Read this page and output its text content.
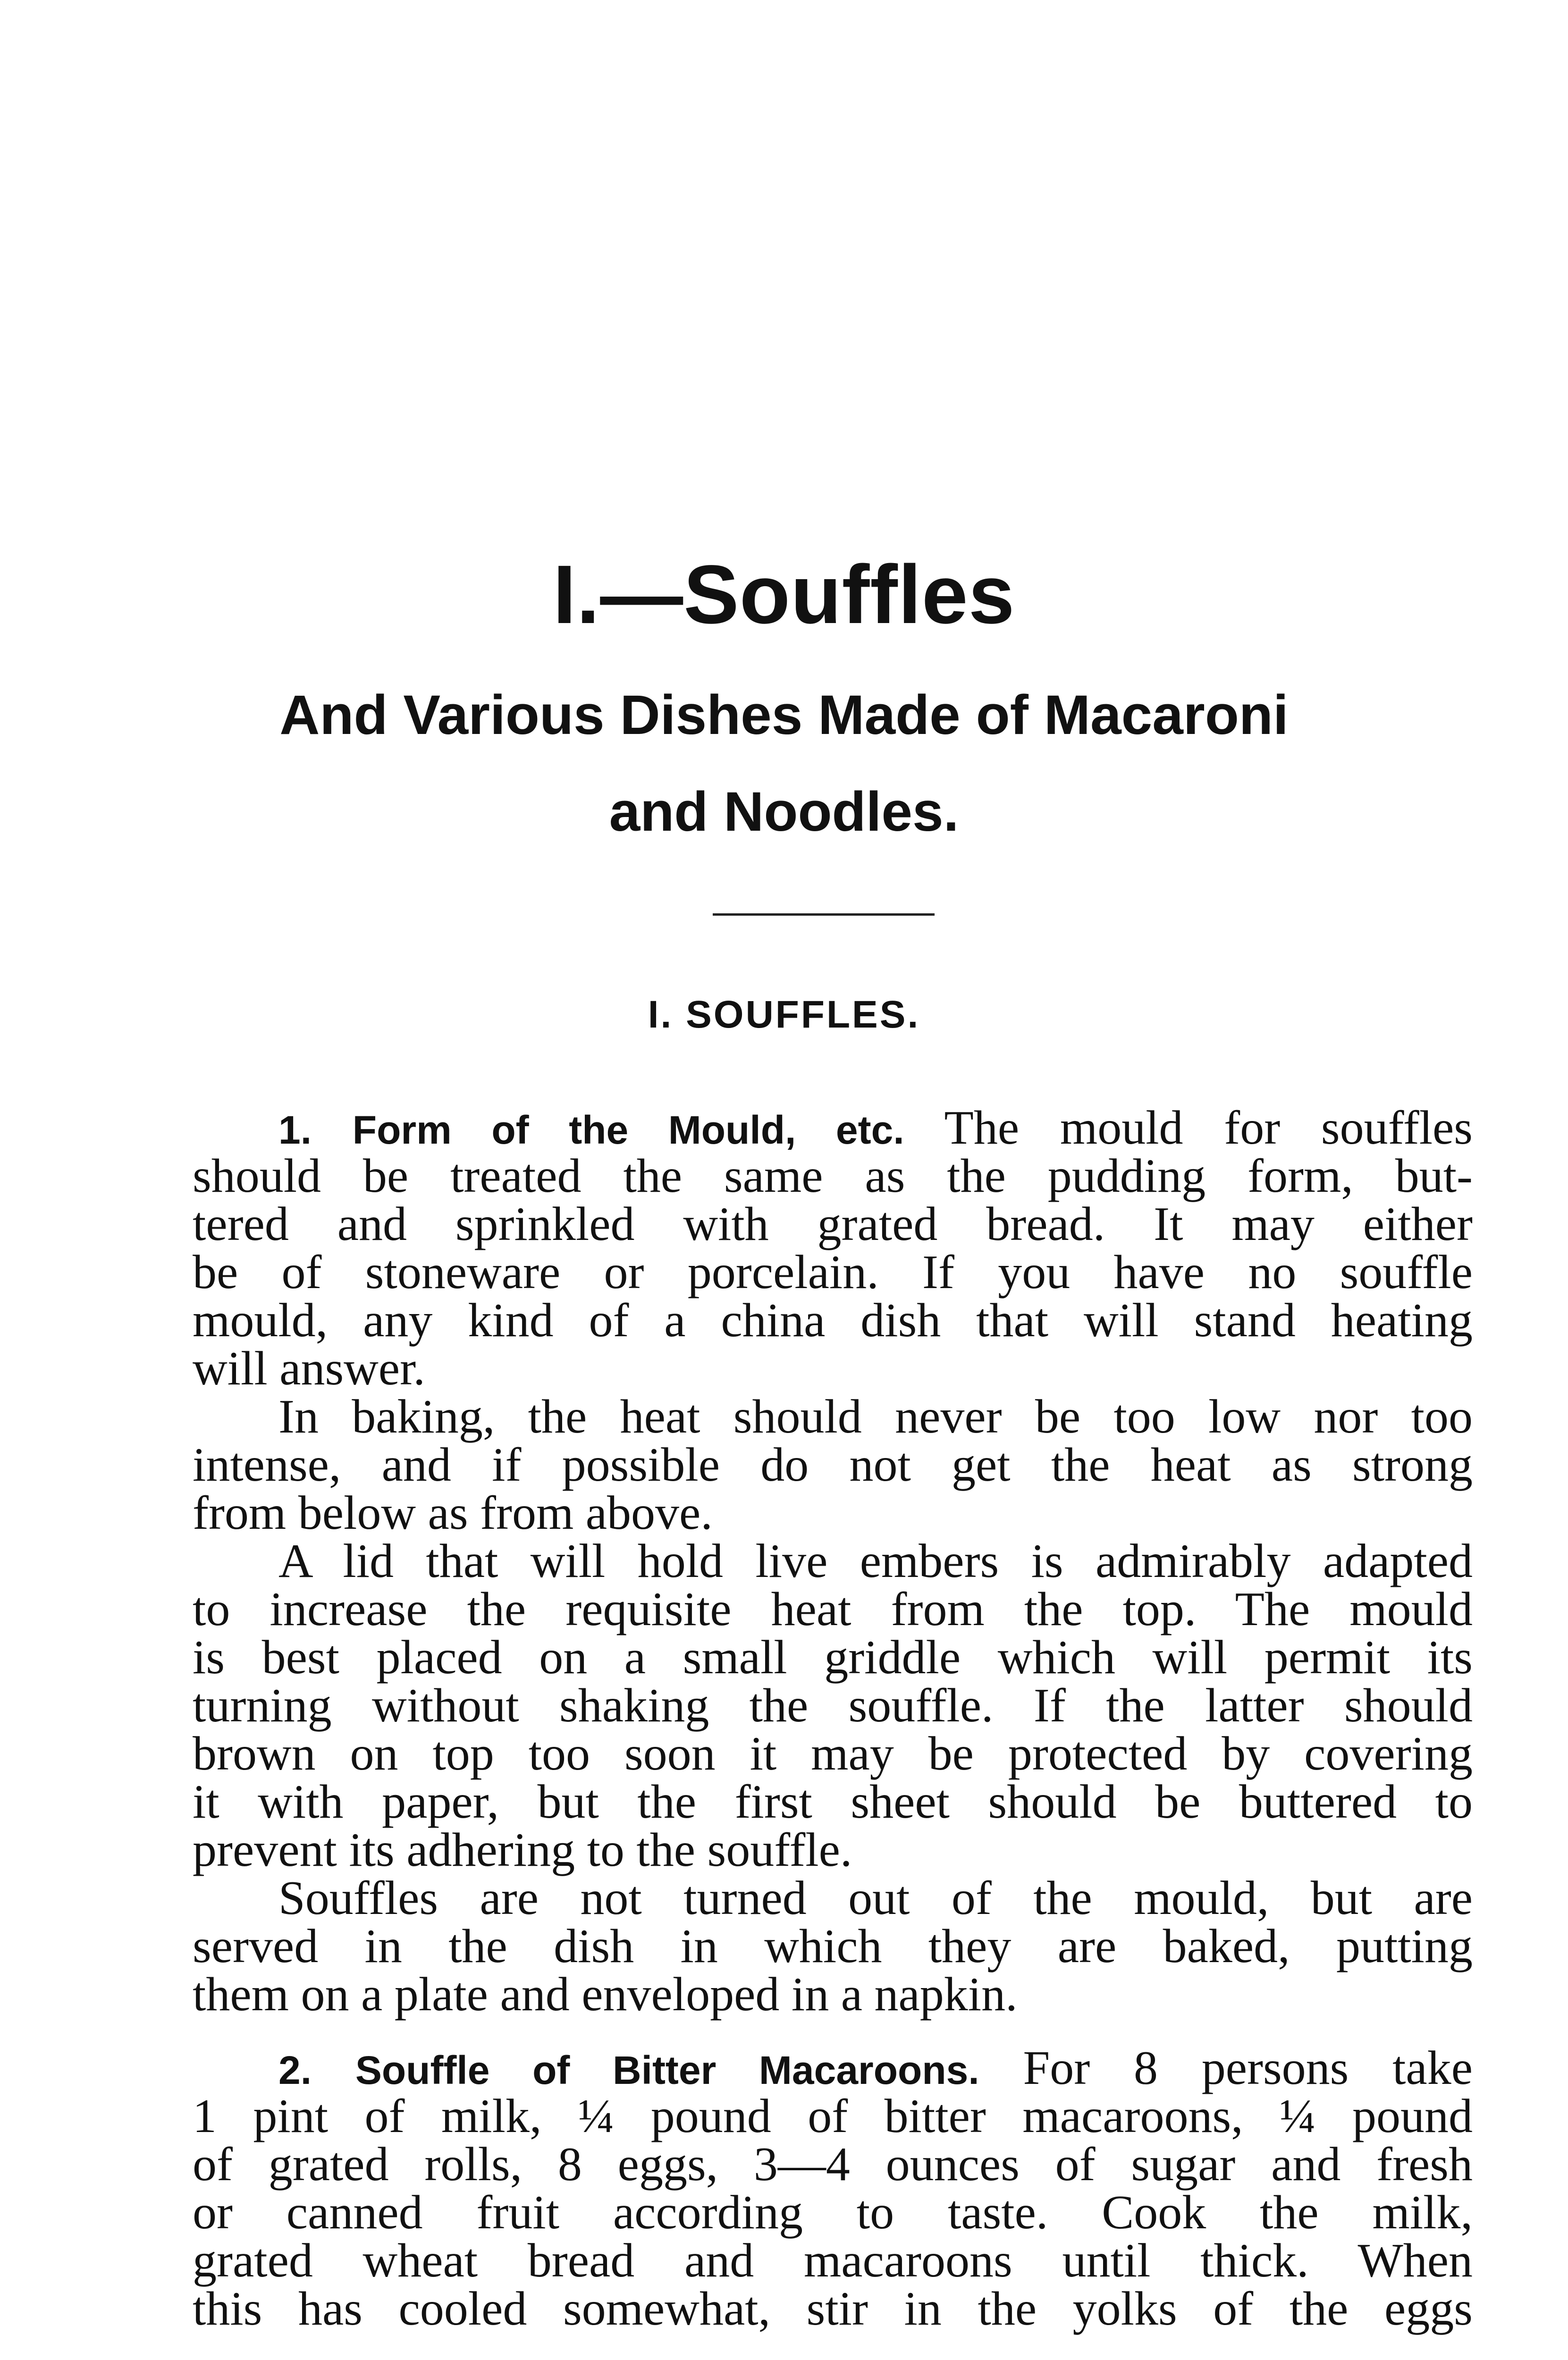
I.—Souffles
And Various Dishes Made of Macaroni
and Noodles.
I. SOUFFLES.
1. Form of the Mould, etc. The mould for souffles
should be treated the same as the pudding form, but-
tered and sprinkled with grated bread. It may either
be of stoneware or porcelain. If you have no souffle
mould, any kind of a china dish that will stand heating
will answer.
In baking, the heat should never be too low nor too
intense, and if possible do not get the heat as strong
from below as from above.
A lid that will hold live embers is admirably adapted
to increase the requisite heat from the top. The mould
is best placed on a small griddle which will permit its
turning without shaking the souffle. If the latter should
brown on top too soon it may be protected by covering
it with paper, but the first sheet should be buttered to
prevent its adhering to the souffle.
Souffles are not turned out of the mould, but are
served in the dish in which they are baked, putting
them on a plate and enveloped in a napkin.
2. Souffle of Bitter Macaroons. For 8 persons take
1 pint of milk, ¼ pound of bitter macaroons, ¼ pound
of grated rolls, 8 eggs, 3—4 ounces of sugar and fresh
or canned fruit according to taste. Cook the milk,
grated wheat bread and macaroons until thick. When
this has cooled somewhat, stir in the yolks of the eggs
